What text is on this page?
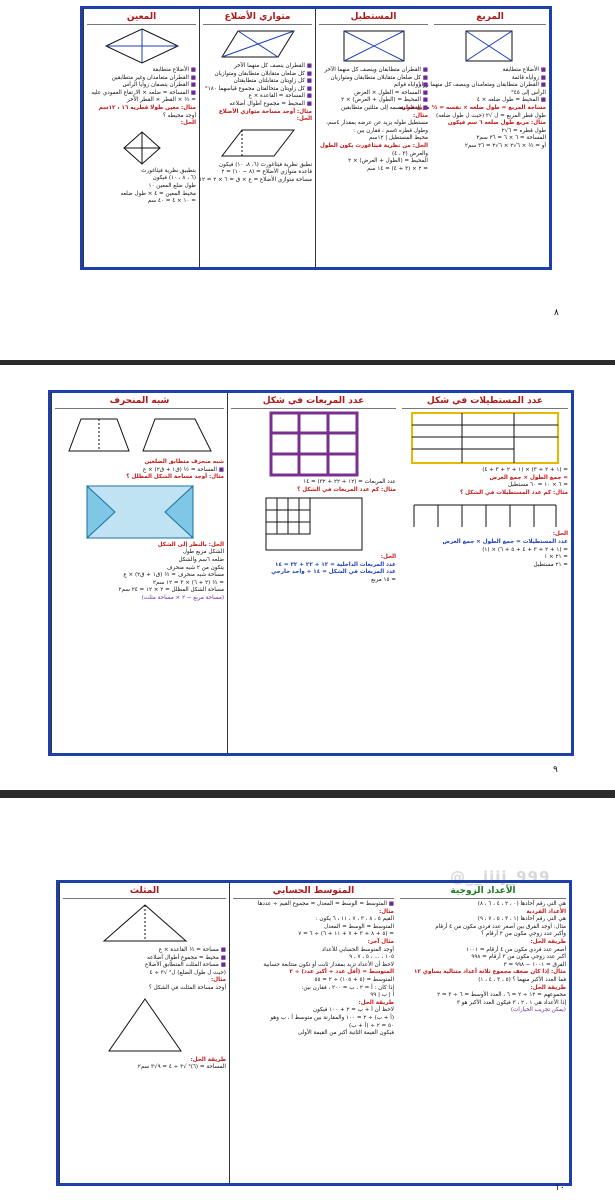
المربع
■ الأضلاع متطابقة
■ زواياه قائمة
■ القطران متطابقان ومتعامدان وينصف كل منهما زوايا
الرأس إلى ٤٥°
■ المحيط = طول ضلعه × ٤
مساحة المربع = طول ضلعه × نفسه = ½ مربع قطره
طول قطر المربع = ل √٢ (حيث ل طول ضلعه)
مثال: مربع طول ضلعه ٦ سم فيكون
طول قطره = ٦√٢
المساحة = ٦ × ٦ = ٣٦ سم٢
أو = ½ × ٦√٢ × ٦√٢ = ٣٦ سم٢
المستطيل
■ القطران متطابقان وينصف كل منهما الآخر
■ كل ضلعان متقابلان متطابقان ومتوازيان
■ زواياه قوائم
■ المساحة = الطول × العرض
■ المحيط = (الطول + العرض) × ٢
■ القطر يقسمه إلى مثلثين متطابقين
مثال:
مستطيل طوله يزيد عن عرضه بمقدار ٤سم،
وطول قطره ٥سم ، فقارن بين :
محيط المستطيل | ١٢سم
الحل: من نظرية فيثاغورث يكون الطول
والعرض (٣ ، ٤)
المحيط = (الطول + العرض) × ٢
= ٢ × (٣ + ٤) = ١٤ سم
متوازي الأضلاع
■ القطران ينصف كل منهما الآخر
■ كل ضلعان متقابلان متطابقان ومتوازيان
■ كل زاويتان متقابلتان متطابقتان
■ كل زاويتان متحالفتان مجموع قياسهما ١٨٠°
■ المساحة = القاعدة × ع
■ المحيط = مجموع أطوال أضلاعه
مثال: أوجد مساحة متوازي الأضلاع
الحل:
نطبق نظرية فيثاغورث (٦، ٨، ١٠) فيكون
قاعدة متوازي الأضلاع = (٨ − ١٠) = ٢
مساحة متوازي الأضلاع = ع × ق = ٦ × ٢ = ١٢
المعين
■ الأضلاع متطابقة
■ القطران متعامدان وغير متطابقين
■ القطران ينصفان زوايا الرأس
■ المساحة = ضلعه × الارتفاع العمودي عليه
= ½ × القطر × القطر الآخر
مثال: معين طولا قطريه ١٦ ، ١٢سم
أوجد محيطه ؟
الحل:
بتطبيق نظرية فيثاغورث
(٦ ، ٨ ، ١٠) فيكون
طول ضلع المعين ١٠
محيط المعين = ٤ × طول ضلعه
= ١٠ × ٤ = ٤٠ سم
٨
عدد المستطيلات في شكل
= (١ + ٢ + ٣) × (١ + ٢ + ٣ + ٤)
= جمع الطول × جمع العرض
= ٦ × ١٠ = ٦٠ مستطيل
مثال: كم عدد المستطيلات في الشكل ؟
الحل:
عدد المستطيلات = جمع الطول × جمع العرض
= (١ + ٢ + ٣ + ٤ + ٥ + ٦) × (١)
= ٢١ × ١
= ٢١ مستطيل
عدد المربعات في شكل
عدد المربعات = (١٢ + ٢٢ + ٣٢) = ١٤
مثال: كم عدد المربعات في الشكل ؟
الحل:
عدد المربعات الداخلية = ١٢ + ٢٢ + ٣٢ = ١٤
عدد المربعات في الشكل = ١٤ + واحد خارجي
= ١٥ مربع
شبه المنحرف
شبه منحرف متطابق الضلعين
■ المساحة = ½ (ق١ + ق٢) × ع
مثال: أوجد مساحة الشكل المظلل ؟
الحل: بالنظر إلى الشكل
الشكل مربع طول
ضلعه ٦سم والشكل
يتكون من ٢ شبه منحرف
مساحة شبه منحرف = ½ (ق١ + ق٢) × ع
= ½ (٢ + ٦) × ٣ = ١٢ سم٢
مساحة الشكل المظلل = ٢ × ١٢ = ٢٤ سم٢
(مساحة مربع − ٢ × مساحة مثلث)
٩
@__iiij_999
الأعداد الزوجية
هي التي رقم آحادها (٠ ، ٢ ، ٤ ، ٦ ، ٨)
الأعداد الفردية
هي التي رقم آحادها (١ ، ٣ ، ٥ ، ٧ ، ٩)
مثال: أوجد الفرق بين أصغر عدد فردي مكون من ٤ أرقام
وأكبر عدد زوجي مكون من ٣ أرقام ؟
طريقة الحل:
أصغر عدد فردي مكون من ٤ أرقام = ١٠٠١
أكبر عدد زوجي مكون من ٣ أرقام = ٩٩٨
الفرق = ١٠٠١ − ٩٩٨ = ٣
مثال: إذا كان ضعف مجموع ثلاثة أعداد متتالية يساوي ١٢
فما العدد الأكبر منهما ؟ (٥ ، ٣ ، ٤ ، ١)
طريقة الحل:
مجموعهم = ١٢ ÷ ٢ = ٦ ، العدد الأوسط = ٦ ÷ ٣ = ٢
إذا الأعداد هي ١ ، ٢ ، ٣ فيكون العدد الأكبر هو ٣
(يمكن تجريب الخيارات)
المتوسط الحسابي
■ المتوسط = الوسط = المعدل = مجموع القيم ÷ عددها
مثال:
القيم ٥ ، ٨ ، ٣ ، ٧ ، ١١ ، ٦ يكون :
المتوسط = الوسط = المعدل
= (٥ + ٨ + ٣ + ٧ + ١١ + ٦) ÷ ٦ = ٧
مثال آخر:
أوجد المتوسط الحسابي للأعداد
١٠٥ ، ... ، ٥ ، ٧ ، ٩
لاحظ أن الأعداد تزيد بمقدار ثابت أو تكون متتابعة حسابية
المتوسط = (أقل عدد + أكبر عدد) ÷ ٢
المتوسط = (٥ + ١٠٥) ÷ ٢ = ٥٥
إذا كان : أ = ٢ ، ب = ٢٠٠ ، فقارن بين:
أ | ب | ٩٩
طريقة الحل:
لاحظ أن أ + ب = ٢ + ١٠٠ فيكون
(أ + ب) ÷ ٢ = ١٠٠ والمقارنة بين متوسط أ ، ب وهو
٥٠ = ٢ ÷ (أ + ب)
فيكون القيمة الثانية أكبر من القيمة الأولى
المثلث
■ مساحة = ½ القاعدة × ع
■ محيط = مجموع أطوال أضلاعه
■ مساحة المثلث المتطابق الأضلاع
(حيث ل طول الضلع) ل² √٣ ÷ ٤
مثال:
أوجد مساحة المثلث في الشكل ؟
طريقة الحل:
المساحة = (٦)² √٣ ÷ ٤ = ٩√٣ سم٢
١٠
